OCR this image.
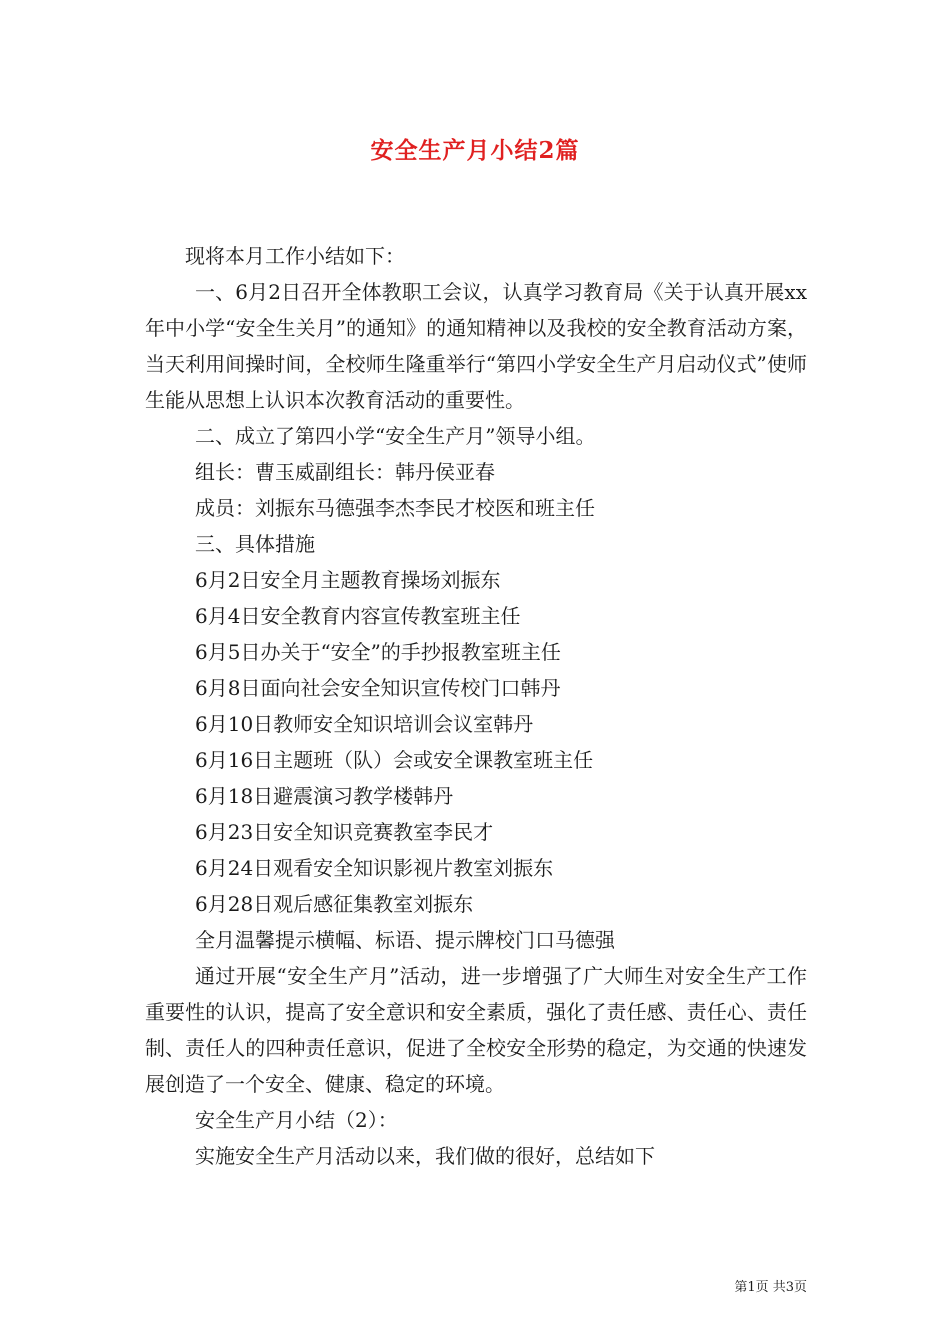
安全生产月小结2篇

现将本月工作小结如下：

一、6月2日召开全体教职工会议，认真学习教育局《关于认真开展xx年中小学“安全生关月”的通知》的通知精神以及我校的安全教育活动方案，当天利用间操时间，全校师生隆重举行“第四小学安全生产月启动仪式”使师生能从思想上认识本次教育活动的重要性。

二、成立了第四小学“安全生产月”领导小组。

组长：曹玉威副组长：韩丹侯亚春

成员：刘振东马德强李杰李民才校医和班主任

三、具体措施

6月2日安全月主题教育操场刘振东

6月4日安全教育内容宣传教室班主任

6月5日办关于“安全”的手抄报教室班主任

6月8日面向社会安全知识宣传校门口韩丹

6月10日教师安全知识培训会议室韩丹

6月16日主题班（队）会或安全课教室班主任

6月18日避震演习教学楼韩丹

6月23日安全知识竞赛教室李民才

6月24日观看安全知识影视片教室刘振东

6月28日观后感征集教室刘振东

全月温馨提示横幅、标语、提示牌校门口马德强

通过开展“安全生产月”活动，进一步增强了广大师生对安全生产工作重要性的认识，提高了安全意识和安全素质，强化了责任感、责任心、责任制、责任人的四种责任意识，促进了全校安全形势的稳定，为交通的快速发展创造了一个安全、健康、稳定的环境。

安全生产月小结（2）：

实施安全生产月活动以来，我们做的很好，总结如下

第1页 共3页
